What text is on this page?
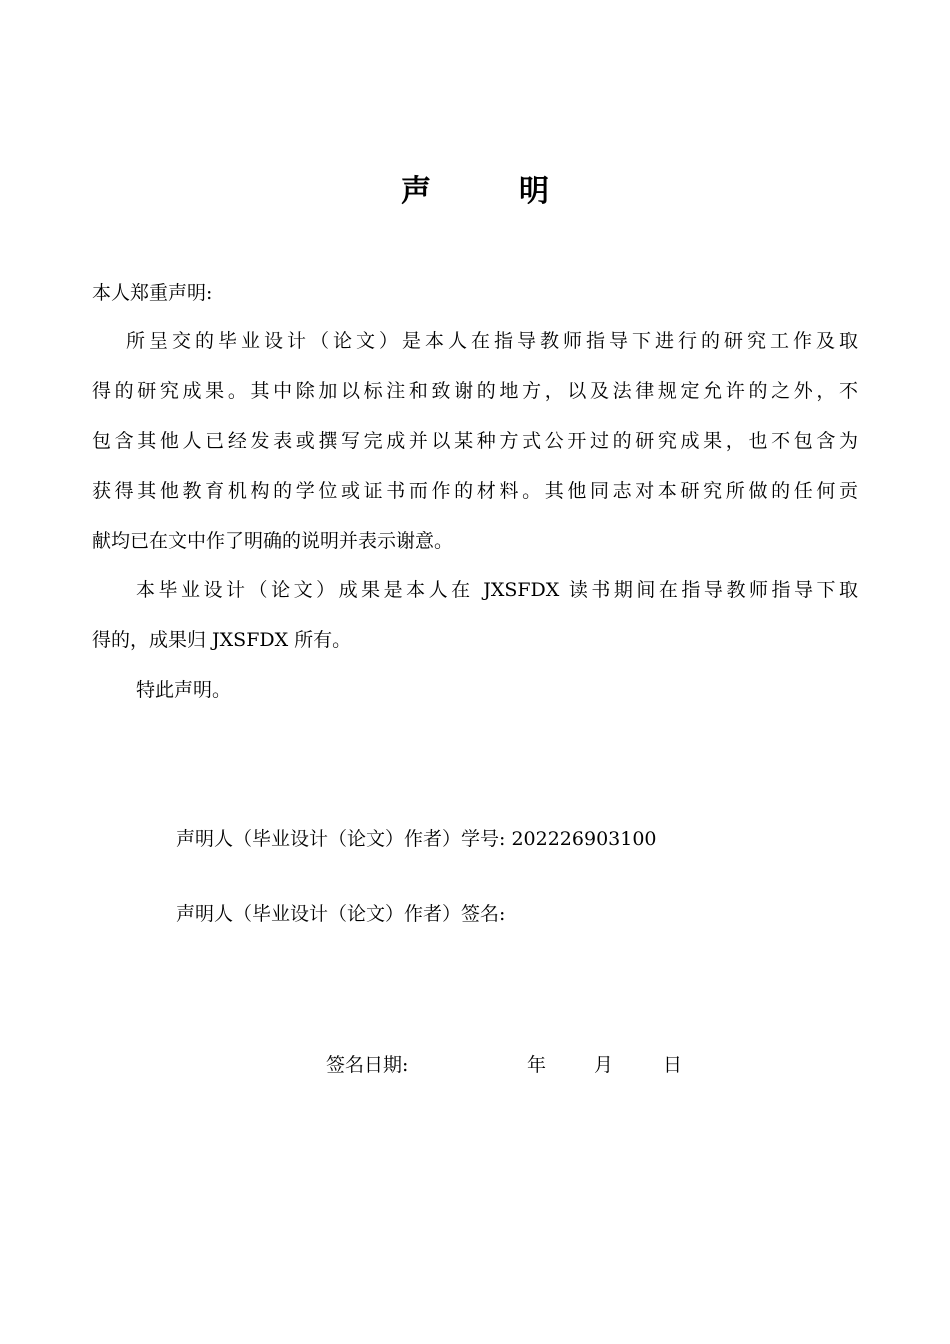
声	明
本人郑重声明:
所呈交的毕业设计（论文）是本人在指导教师指导下进行的研究工作及取
得的研究成果。其中除加以标注和致谢的地方，以及法律规定允许的之外，不
包含其他人已经发表或撰写完成并以某种方式公开过的研究成果，也不包含为
获得其他教育机构的学位或证书而作的材料。其他同志对本研究所做的任何贡
献均已在文中作了明确的说明并表示谢意。
本毕业设计（论文）成果是本人在 JXSFDX 读书期间在指导教师指导下取
得的，成果归 JXSFDX 所有。
特此声明。
声明人（毕业设计（论文）作者）学号: 202226903100
声明人（毕业设计（论文）作者）签名:
签名日期:	年	月	日
